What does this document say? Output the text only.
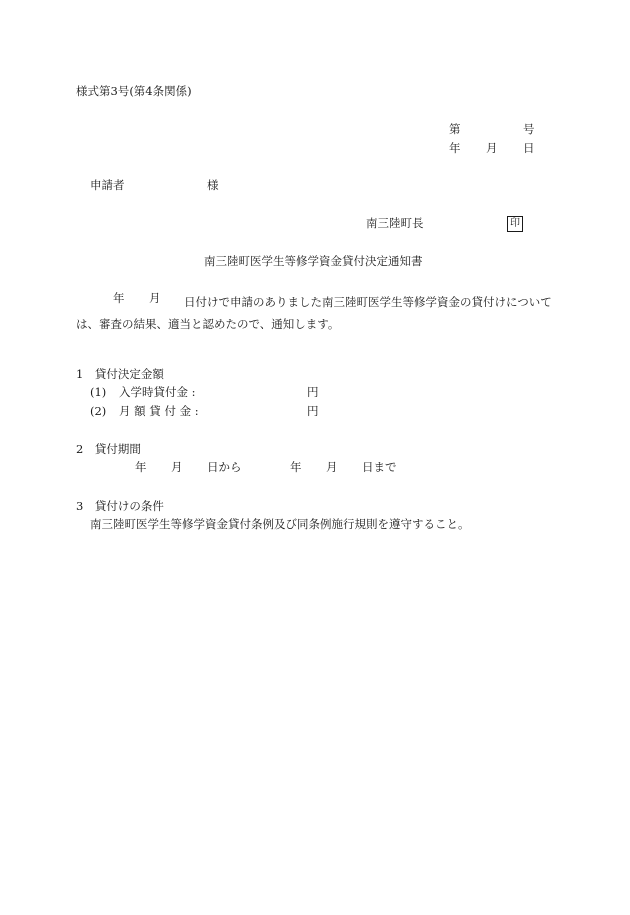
様式第3号(第4条関係)
第	号
年 月 日
申請者	様
南三陸町長	印
南三陸町医学生等修学資金貸付決定通知書
年 月	日付けで申請のありました南三陸町医学生等修学資金の貸付けについては、審査の結果、適当と認めたので、通知します。
1　貸付決定金額
(1) 入学時貸付金 :	円
(2) 月 額 貸 付 金 :	円
2　貸付期間
年 月 日から	年 月 日まで
3　貸付けの条件
南三陸町医学生等修学資金貸付条例及び同条例施行規則を遵守すること。
